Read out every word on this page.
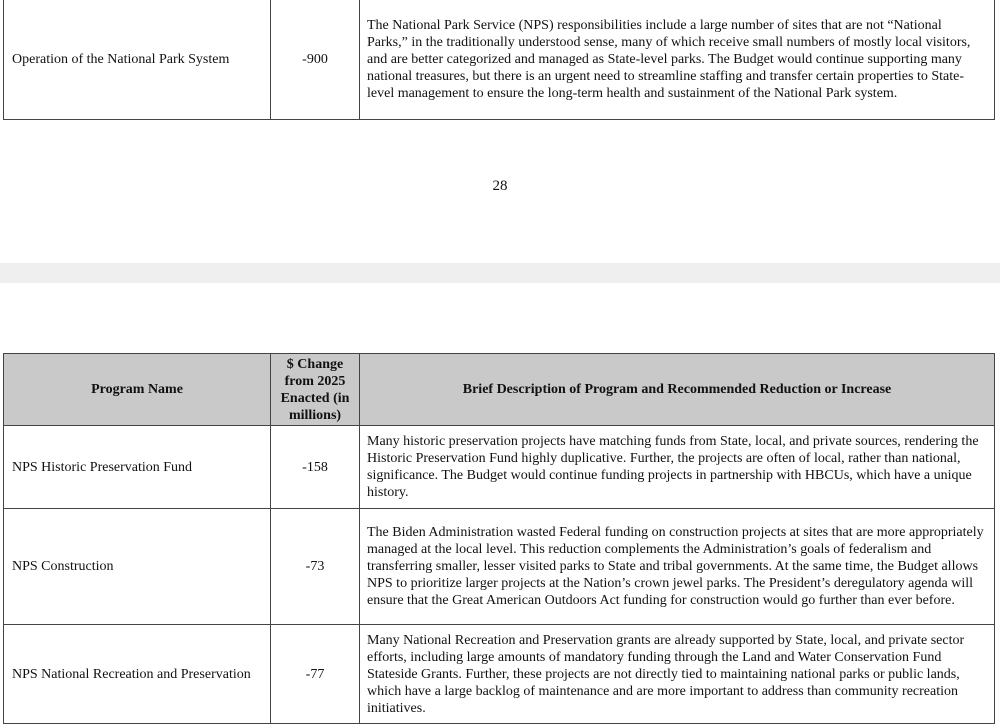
Operation of the National Park System	-900	The National Park Service (NPS) responsibilities include a large number of sites that are not “National Parks,” in the traditionally understood sense, many of which receive small numbers of mostly local visitors, and are better categorized and managed as State-level parks. The Budget would continue supporting many national treasures, but there is an urgent need to streamline staffing and transfer certain properties to State-level management to ensure the long-term health and sustainment of the National Park system.
28
Program Name	$ Change from 2025 Enacted (in millions)	Brief Description of Program and Recommended Reduction or Increase
NPS Historic Preservation Fund	-158	Many historic preservation projects have matching funds from State, local, and private sources, rendering the Historic Preservation Fund highly duplicative. Further, the projects are often of local, rather than national, significance. The Budget would continue funding projects in partnership with HBCUs, which have a unique history.
NPS Construction	-73	The Biden Administration wasted Federal funding on construction projects at sites that are more appropriately managed at the local level. This reduction complements the Administration’s goals of federalism and transferring smaller, lesser visited parks to State and tribal governments. At the same time, the Budget allows NPS to prioritize larger projects at the Nation’s crown jewel parks. The President’s deregulatory agenda will ensure that the Great American Outdoors Act funding for construction would go further than ever before.
NPS National Recreation and Preservation	-77	Many National Recreation and Preservation grants are already supported by State, local, and private sector efforts, including large amounts of mandatory funding through the Land and Water Conservation Fund Stateside Grants. Further, these projects are not directly tied to maintaining national parks or public lands, which have a large backlog of maintenance and are more important to address than community recreation initiatives.
